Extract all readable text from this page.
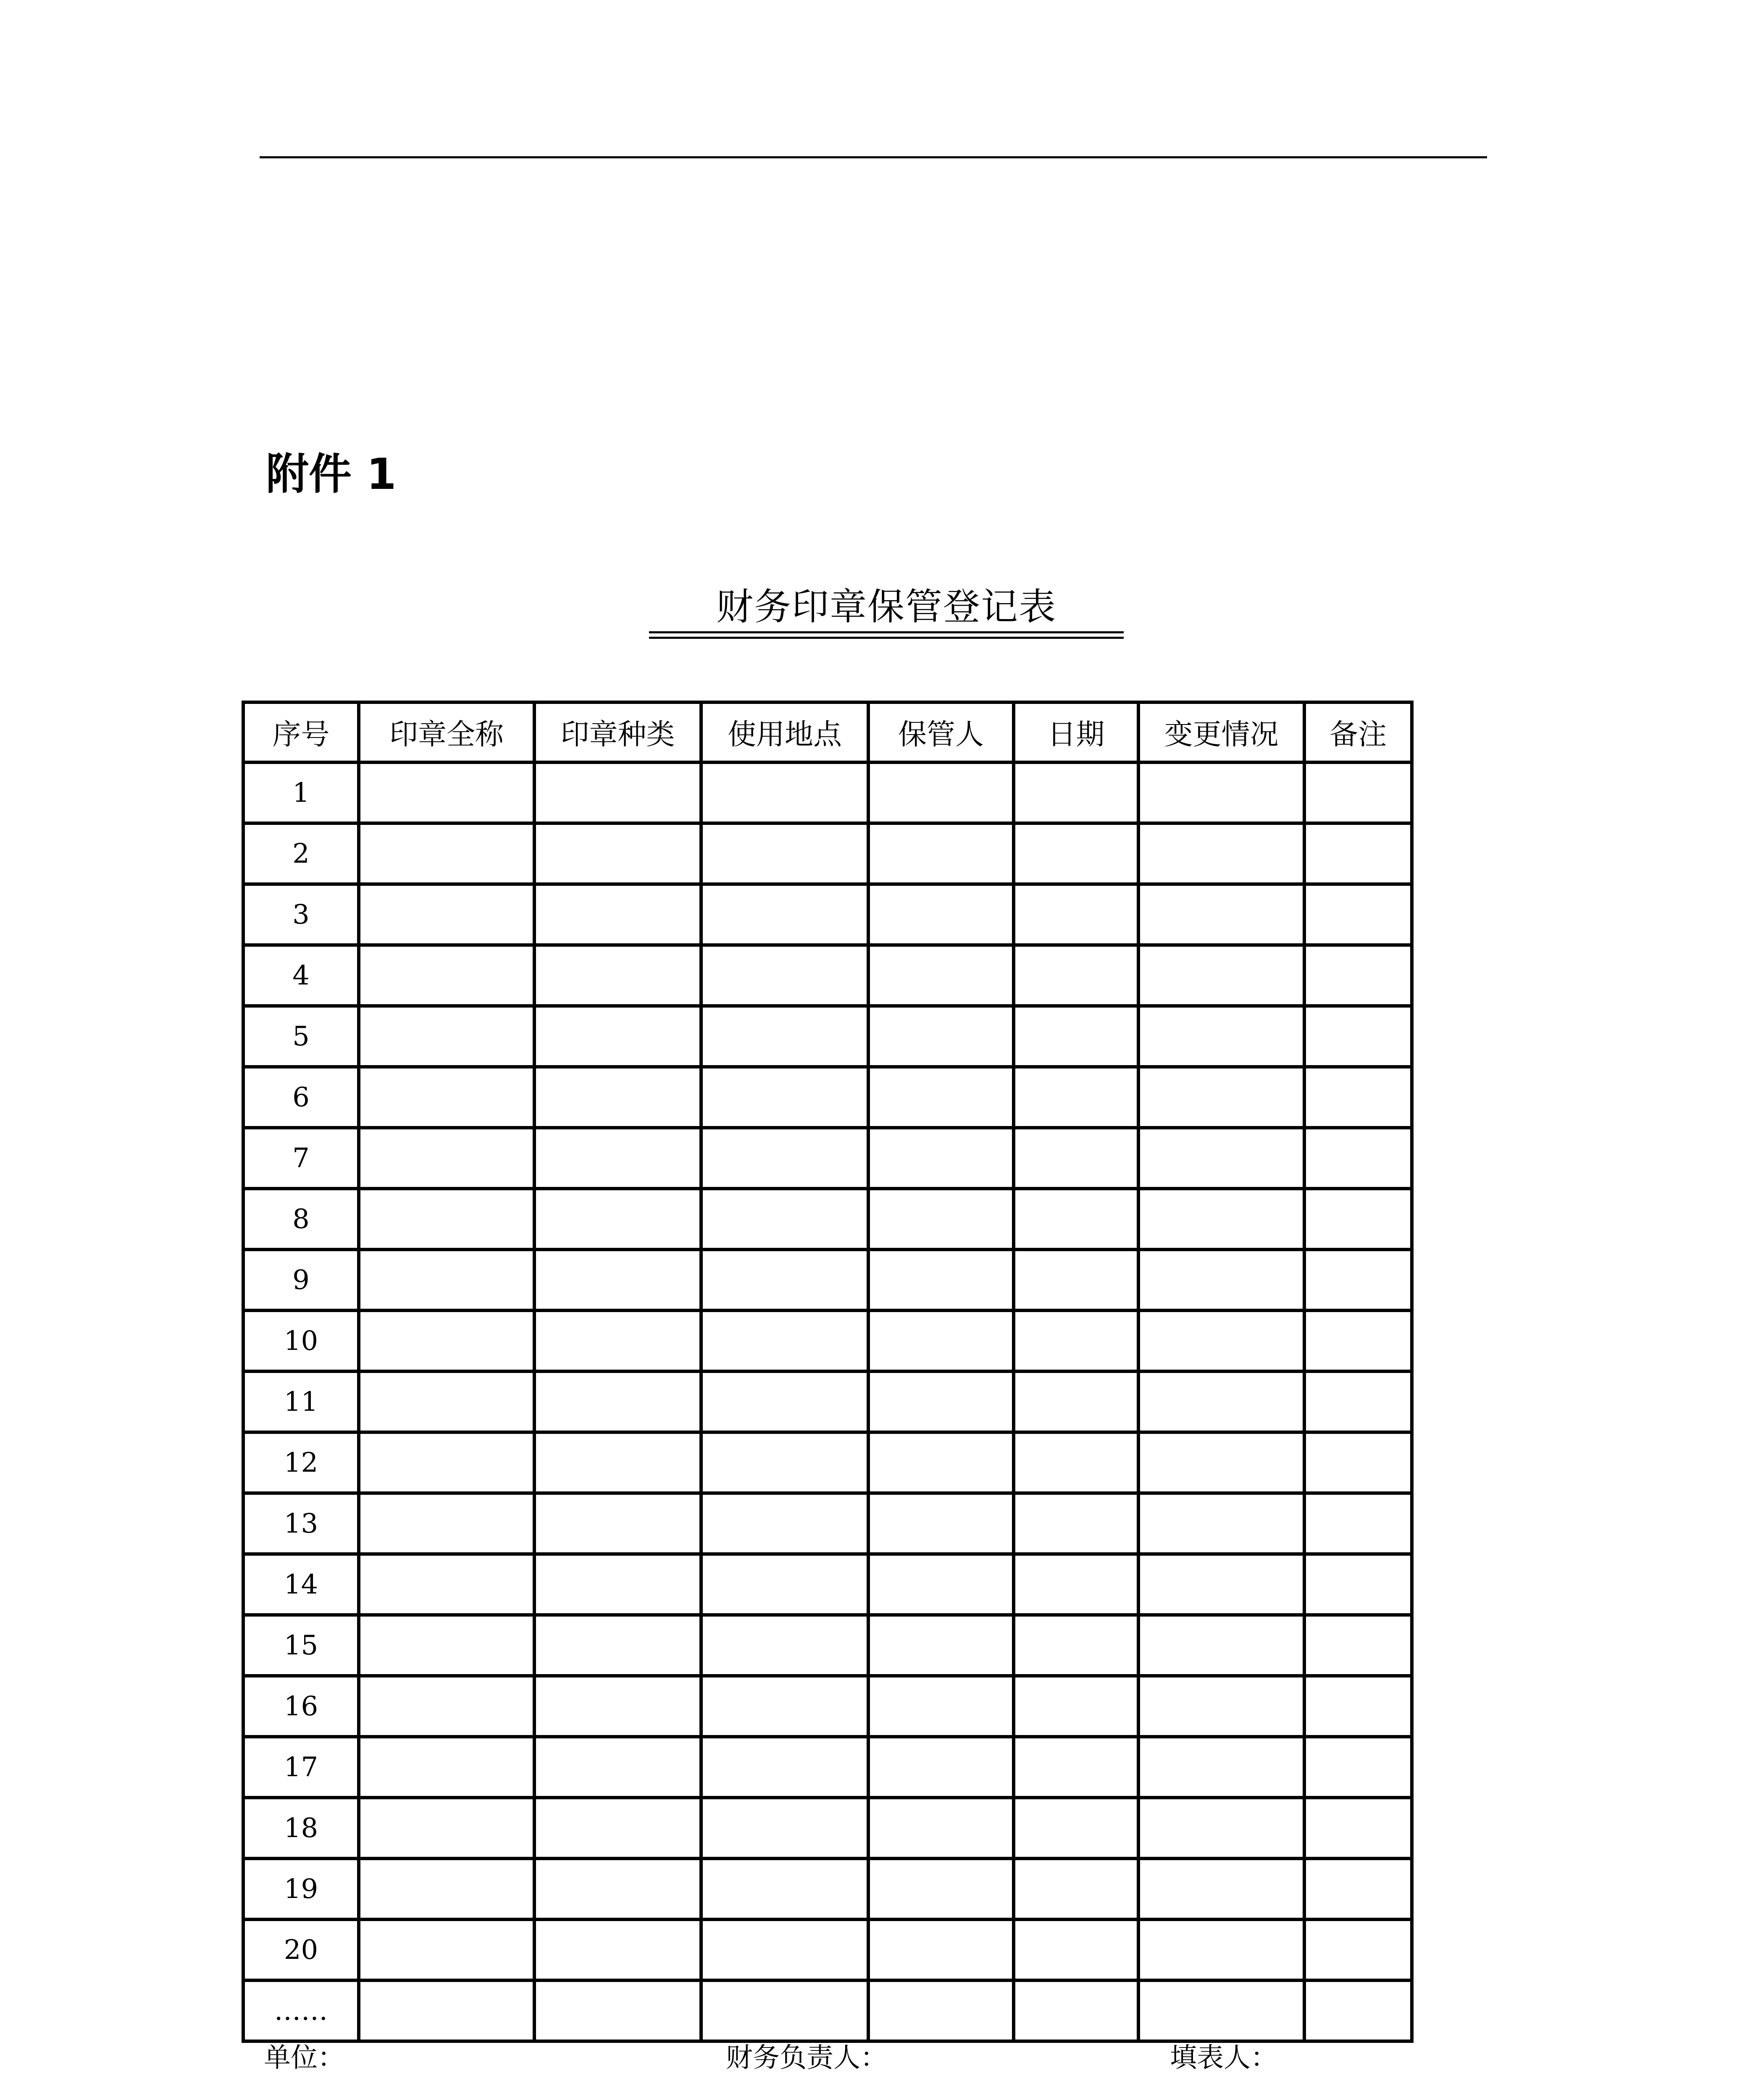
附件 1
财务印章保管登记表
序号	印章全称	印章种类	使用地点	保管人	日期	变更情况	备注
1							
2							
3							
4							
5							
6							
7							
8							
9							
10							
11							
12							
13							
14							
15							
16							
17							
18							
19							
20							
……							
单位：	财务负责人：	填表人：
